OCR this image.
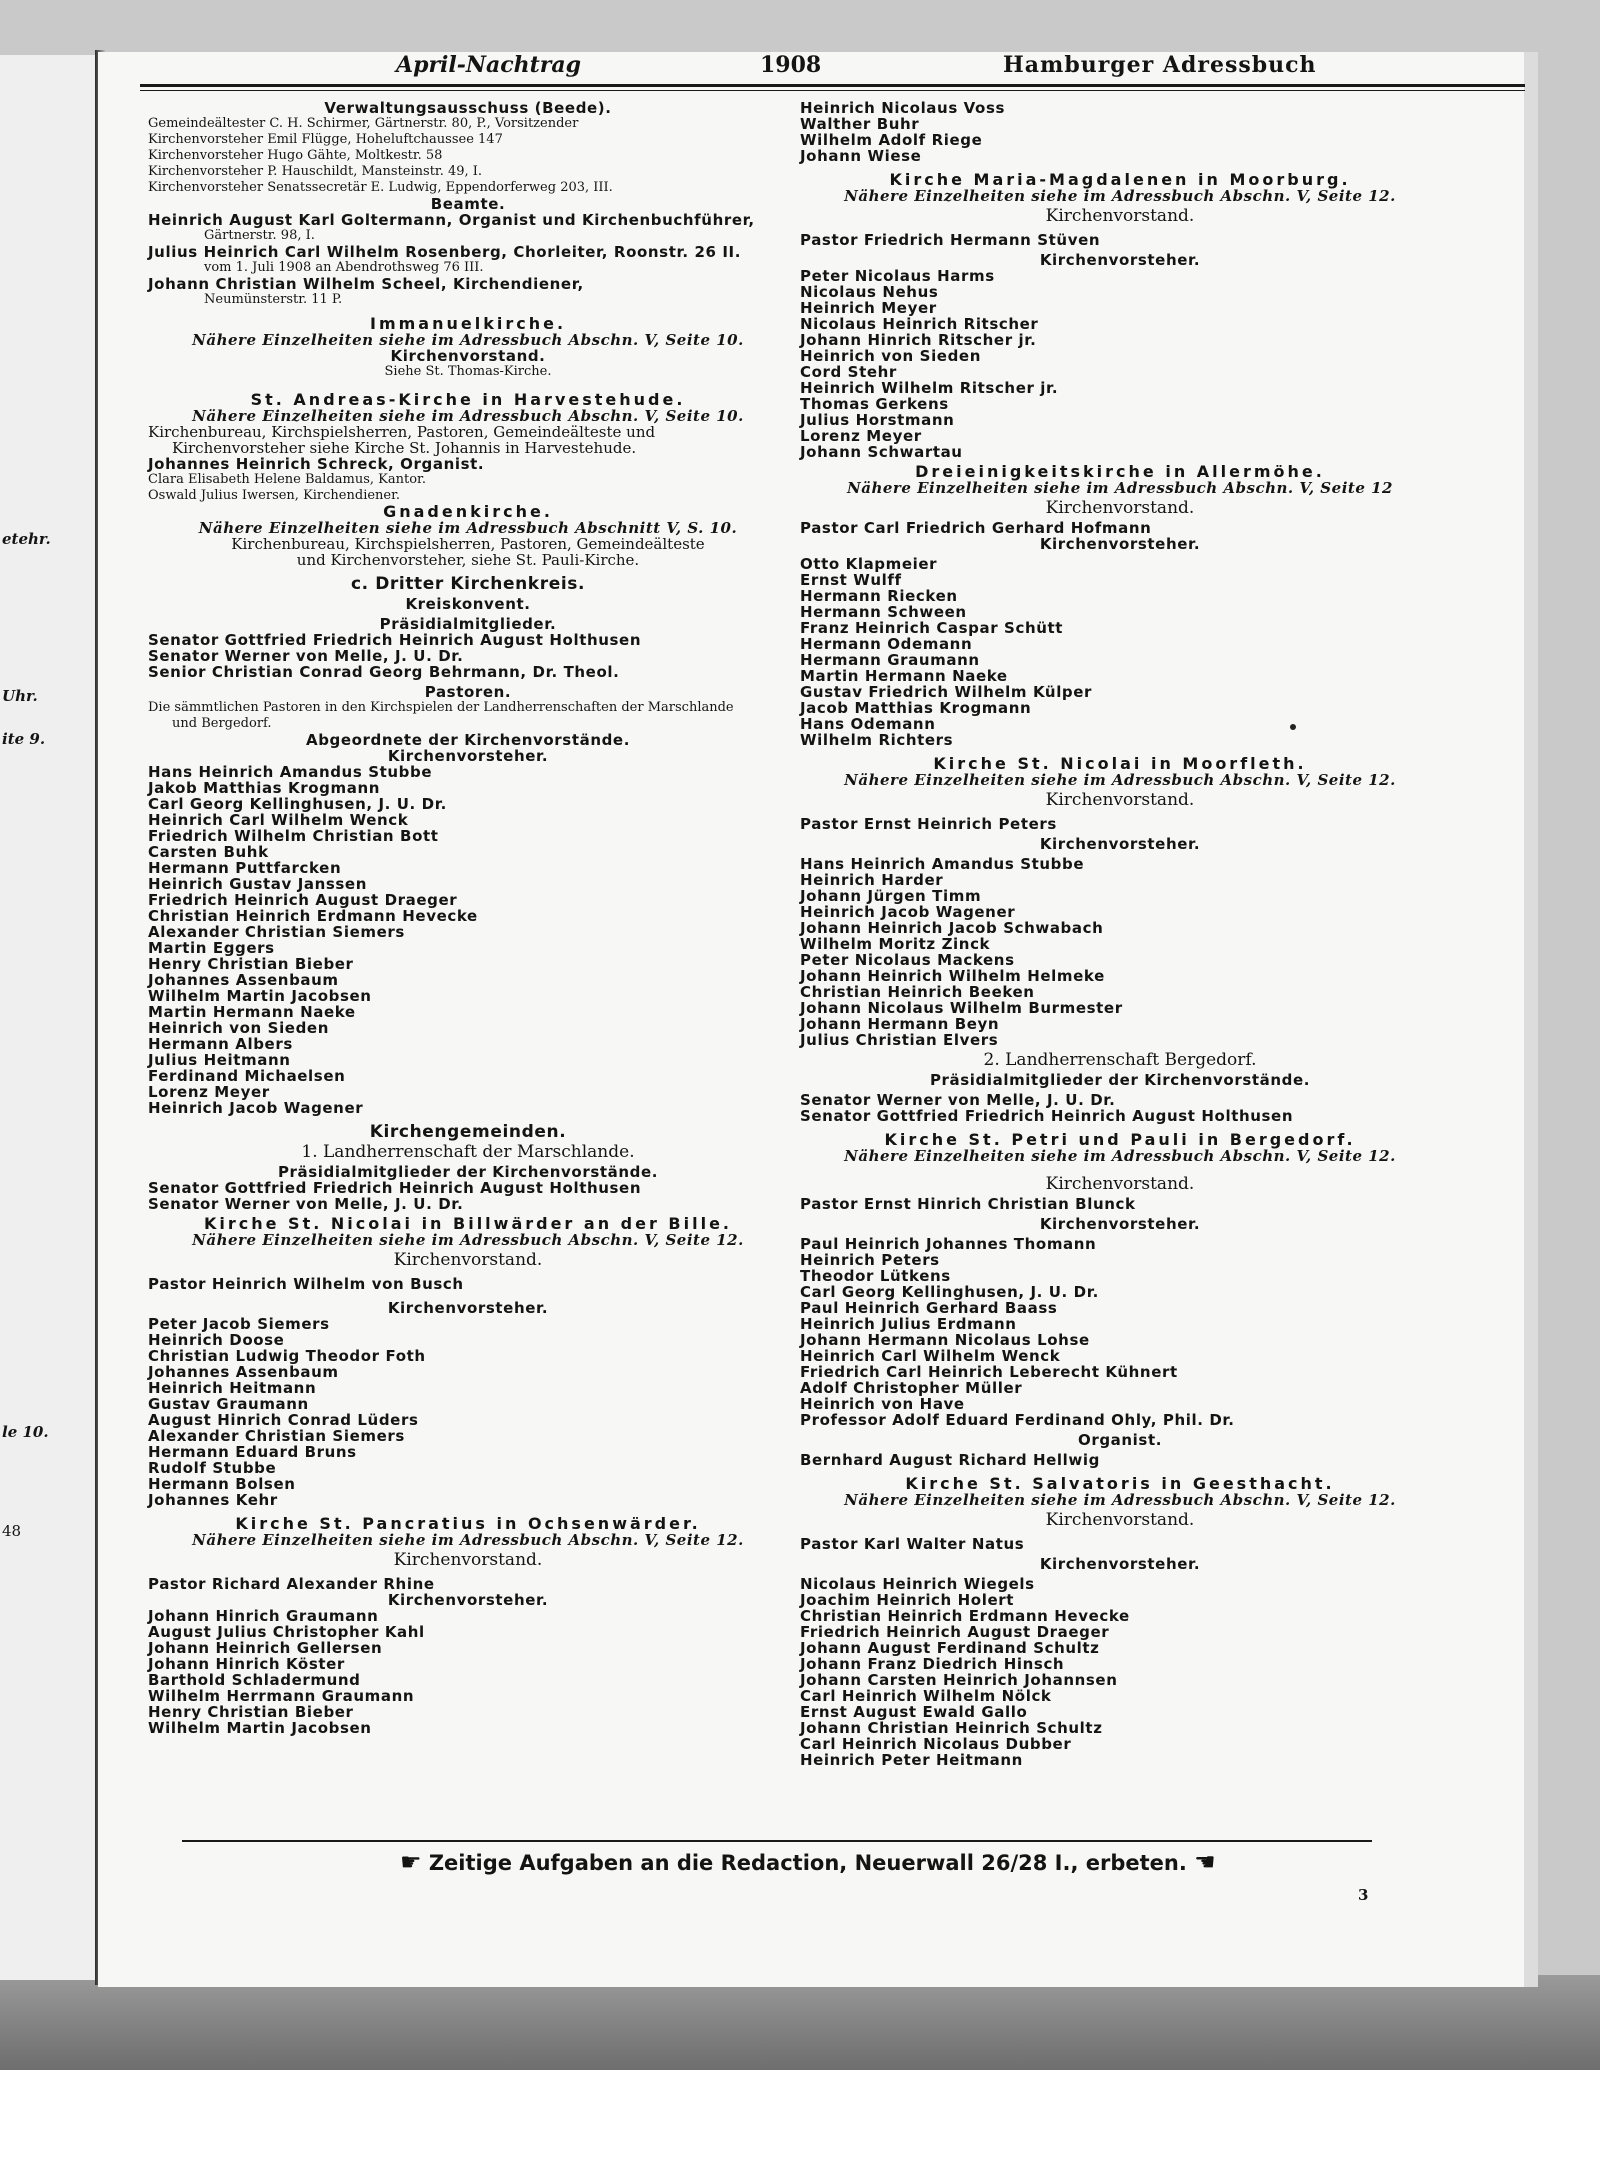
etehr.
Uhr.
ite 9.
le 10.
48
April-Nachtrag	1908	Hamburger Adressbuch
Verwaltungsausschuss (Beede).
Gemeindeältester C. H. Schirmer, Gärtnerstr. 80, P., Vorsitzender
Kirchenvorsteher Emil Flügge, Hoheluftchaussee 147
Kirchenvorsteher Hugo Gähte, Moltkestr. 58
Kirchenvorsteher P. Hauschildt, Mansteinstr. 49, I.
Kirchenvorsteher Senatssecretär E. Ludwig, Eppendorferweg 203, III.
Beamte.
Heinrich August Karl Goltermann, Organist und Kirchenbuchführer,
Gärtnerstr. 98, I.
Julius Heinrich Carl Wilhelm Rosenberg, Chorleiter, Roonstr. 26 II.
vom 1. Juli 1908 an Abendrothsweg 76 III.
Johann Christian Wilhelm Scheel, Kirchendiener,
Neumünsterstr. 11 P.
Immanuelkirche.
Nähere Einzelheiten siehe im Adressbuch Abschn. V, Seite 10.
Kirchenvorstand.
Siehe St. Thomas-Kirche.
St. Andreas-Kirche in Harvestehude.
Nähere Einzelheiten siehe im Adressbuch Abschn. V, Seite 10.
Kirchenbureau, Kirchspielsherren, Pastoren, Gemeindeälteste und
Kirchenvorsteher siehe Kirche St. Johannis in Harvestehude.
Johannes Heinrich Schreck, Organist.
Clara Elisabeth Helene Baldamus, Kantor.
Oswald Julius Iwersen, Kirchendiener.
Gnadenkirche.
Nähere Einzelheiten siehe im Adressbuch Abschnitt V, S. 10.
Kirchenbureau, Kirchspielsherren, Pastoren, Gemeindeälteste
und Kirchenvorsteher, siehe St. Pauli-Kirche.
c. Dritter Kirchenkreis.
Kreiskonvent.
Präsidialmitglieder.
Senator Gottfried Friedrich Heinrich August Holthusen
Senator Werner von Melle, J. U. Dr.
Senior Christian Conrad Georg Behrmann, Dr. Theol.
Pastoren.
Die sämmtlichen Pastoren in den Kirchspielen der Landherrenschaften der Marschlande
und Bergedorf.
Abgeordnete der Kirchenvorstände.
Kirchenvorsteher.
Hans Heinrich Amandus Stubbe
Jakob Matthias Krogmann
Carl Georg Kellinghusen, J. U. Dr.
Heinrich Carl Wilhelm Wenck
Friedrich Wilhelm Christian Bott
Carsten Buhk
Hermann Puttfarcken
Heinrich Gustav Janssen
Friedrich Heinrich August Draeger
Christian Heinrich Erdmann Hevecke
Alexander Christian Siemers
Martin Eggers
Henry Christian Bieber
Johannes Assenbaum
Wilhelm Martin Jacobsen
Martin Hermann Naeke
Heinrich von Sieden
Hermann Albers
Julius Heitmann
Ferdinand Michaelsen
Lorenz Meyer
Heinrich Jacob Wagener
Kirchengemeinden.
1. Landherrenschaft der Marschlande.
Präsidialmitglieder der Kirchenvorstände.
Senator Gottfried Friedrich Heinrich August Holthusen
Senator Werner von Melle, J. U. Dr.
Kirche St. Nicolai in Billwärder an der Bille.
Nähere Einzelheiten siehe im Adressbuch Abschn. V, Seite 12.
Kirchenvorstand.
Pastor Heinrich Wilhelm von Busch
Kirchenvorsteher.
Peter Jacob Siemers
Heinrich Doose
Christian Ludwig Theodor Foth
Johannes Assenbaum
Heinrich Heitmann
Gustav Graumann
August Hinrich Conrad Lüders
Alexander Christian Siemers
Hermann Eduard Bruns
Rudolf Stubbe
Hermann Bolsen
Johannes Kehr
Kirche St. Pancratius in Ochsenwärder.
Nähere Einzelheiten siehe im Adressbuch Abschn. V, Seite 12.
Kirchenvorstand.
Pastor Richard Alexander Rhine
Kirchenvorsteher.
Johann Hinrich Graumann
August Julius Christopher Kahl
Johann Heinrich Gellersen
Johann Hinrich Köster
Barthold Schladermund
Wilhelm Herrmann Graumann
Henry Christian Bieber
Wilhelm Martin Jacobsen
Heinrich Nicolaus Voss
Walther Buhr
Wilhelm Adolf Riege
Johann Wiese
Kirche Maria-Magdalenen in Moorburg.
Nähere Einzelheiten siehe im Adressbuch Abschn. V, Seite 12.
Kirchenvorstand.
Pastor Friedrich Hermann Stüven
Kirchenvorsteher.
Peter Nicolaus Harms
Nicolaus Nehus
Heinrich Meyer
Nicolaus Heinrich Ritscher
Johann Hinrich Ritscher jr.
Heinrich von Sieden
Cord Stehr
Heinrich Wilhelm Ritscher jr.
Thomas Gerkens
Julius Horstmann
Lorenz Meyer
Johann Schwartau
Dreieinigkeitskirche in Allermöhe.
Nähere Einzelheiten siehe im Adressbuch Abschn. V, Seite 12
Kirchenvorstand.
Pastor Carl Friedrich Gerhard Hofmann
Kirchenvorsteher.
Otto Klapmeier
Ernst Wulff
Hermann Riecken
Hermann Schween
Franz Heinrich Caspar Schütt
Hermann Odemann
Hermann Graumann
Martin Hermann Naeke
Gustav Friedrich Wilhelm Külper
Jacob Matthias Krogmann
Hans Odemann
Wilhelm Richters
Kirche St. Nicolai in Moorfleth.
Nähere Einzelheiten siehe im Adressbuch Abschn. V, Seite 12.
Kirchenvorstand.
Pastor Ernst Heinrich Peters
Kirchenvorsteher.
Hans Heinrich Amandus Stubbe
Heinrich Harder
Johann Jürgen Timm
Heinrich Jacob Wagener
Johann Heinrich Jacob Schwabach
Wilhelm Moritz Zinck
Peter Nicolaus Mackens
Johann Heinrich Wilhelm Helmeke
Christian Heinrich Beeken
Johann Nicolaus Wilhelm Burmester
Johann Hermann Beyn
Julius Christian Elvers
2. Landherrenschaft Bergedorf.
Präsidialmitglieder der Kirchenvorstände.
Senator Werner von Melle, J. U. Dr.
Senator Gottfried Friedrich Heinrich August Holthusen
Kirche St. Petri und Pauli in Bergedorf.
Nähere Einzelheiten siehe im Adressbuch Abschn. V, Seite 12.
Kirchenvorstand.
Pastor Ernst Hinrich Christian Blunck
Kirchenvorsteher.
Paul Heinrich Johannes Thomann
Heinrich Peters
Theodor Lütkens
Carl Georg Kellinghusen, J. U. Dr.
Paul Heinrich Gerhard Baass
Heinrich Julius Erdmann
Johann Hermann Nicolaus Lohse
Heinrich Carl Wilhelm Wenck
Friedrich Carl Heinrich Leberecht Kühnert
Adolf Christopher Müller
Heinrich von Have
Professor Adolf Eduard Ferdinand Ohly, Phil. Dr.
Organist.
Bernhard August Richard Hellwig
Kirche St. Salvatoris in Geesthacht.
Nähere Einzelheiten siehe im Adressbuch Abschn. V, Seite 12.
Kirchenvorstand.
Pastor Karl Walter Natus
Kirchenvorsteher.
Nicolaus Heinrich Wiegels
Joachim Heinrich Holert
Christian Heinrich Erdmann Hevecke
Friedrich Heinrich August Draeger
Johann August Ferdinand Schultz
Johann Franz Diedrich Hinsch
Johann Carsten Heinrich Johannsen
Carl Heinrich Wilhelm Nölck
Ernst August Ewald Gallo
Johann Christian Heinrich Schultz
Carl Heinrich Nicolaus Dubber
Heinrich Peter Heitmann
☛ Zeitige Aufgaben an die Redaction, Neuerwall 26/28 I., erbeten. ☚
3
